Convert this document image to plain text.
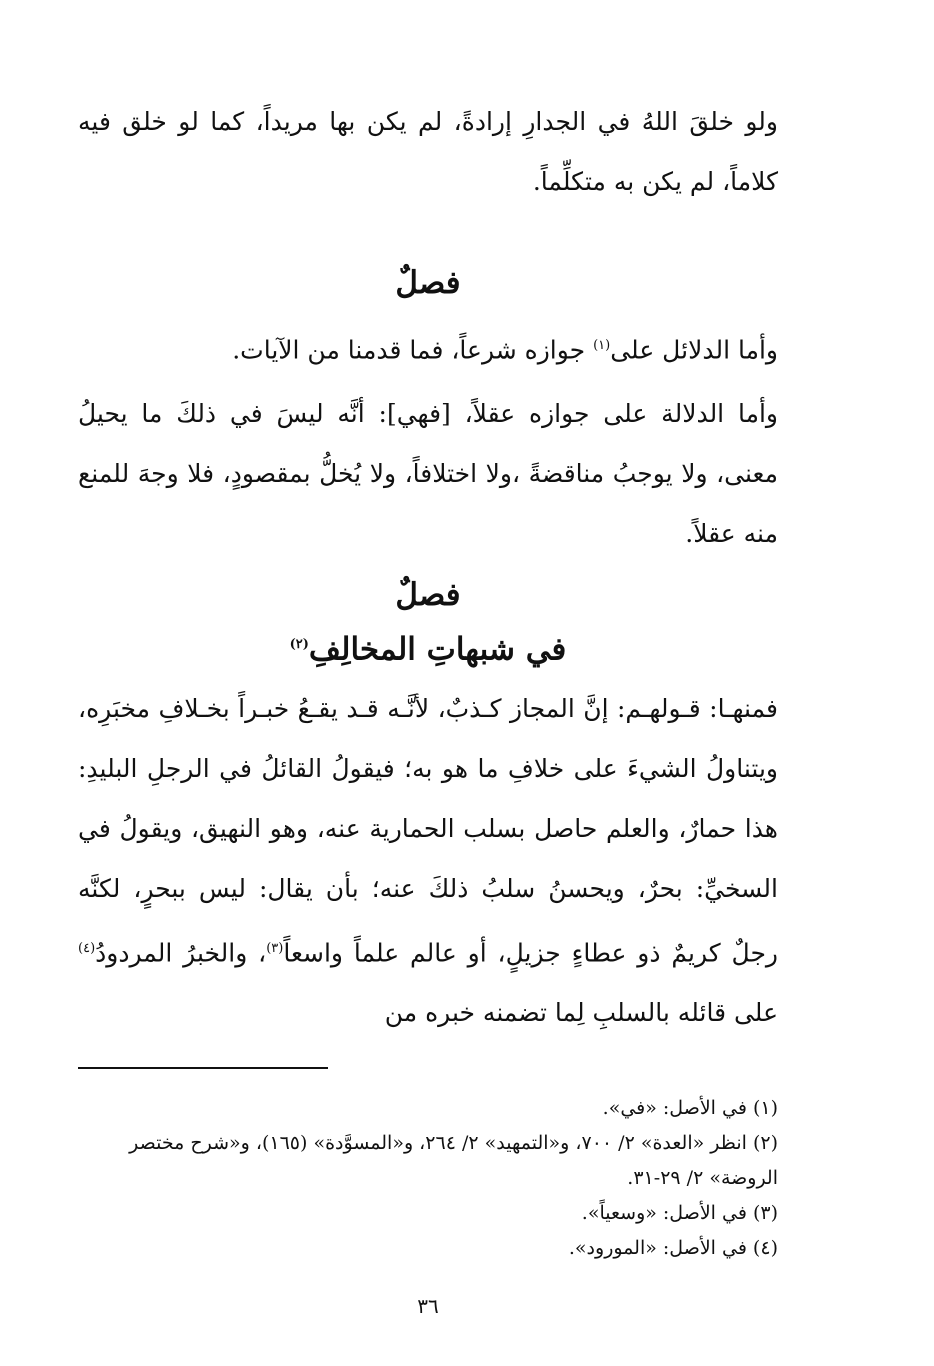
ولو خلقَ اللهُ في الجدارِ إرادةً، لم يكن بها مريداً، كما لو خلق فيه كلاماً، لم يكن به متكلِّماً.

فصلٌ

وأما الدلائل على$^{(١)}$ جوازه شرعاً، فما قدمنا من الآيات.

وأما الدلالة على جوازه عقلاً، [فهي]: أنَّه ليسَ في ذلكَ ما يحيلُ معنى، ولا يوجبُ مناقضةً ،ولا اختلافاً، ولا يُخلُّ بمقصودٍ، فلا وجهَ للمنع منه عقلاً.

فصلٌ
في شبهاتِ المخالِفِ$^{(٢)}$

فمنهـا: قـولهـم: إنَّ المجاز كـذبٌ، لأنَّـه قـد يقـعُ خبـراً بخـلافِ مخبَرِه، ويتناولُ الشيءَ على خلافِ ما هو به؛ فيقولُ القائلُ في الرجلِ البليدِ: هذا حمارٌ، والعلم حاصل بسلب الحمارية عنه، وهو النهيق، ويقولُ في السخيِّ: بحرٌ، ويحسنُ سلبُ ذلكَ عنه؛ بأن يقال: ليس ببحرٍ، لكنَّه رجلٌ كريمٌ ذو عطاءٍ جزيلٍ، أو عالم علماً واسعاً$^{(٣)}$، والخبرُ المردودُ$^{(٤)}$ على قائله بالسلبِ لِما تضمنه خبره من

(١) في الأصل: «في».

(٢) انظر «العدة» ٢/ ٧٠٠، و«التمهيد» ٢/ ٢٦٤، و«المسوَّدة» (١٦٥)، و«شرح مختصر الروضة» ٢/ ٢٩-٣١.

(٣) في الأصل: «وسعياً».

(٤) في الأصل: «المورود».

٣٦
